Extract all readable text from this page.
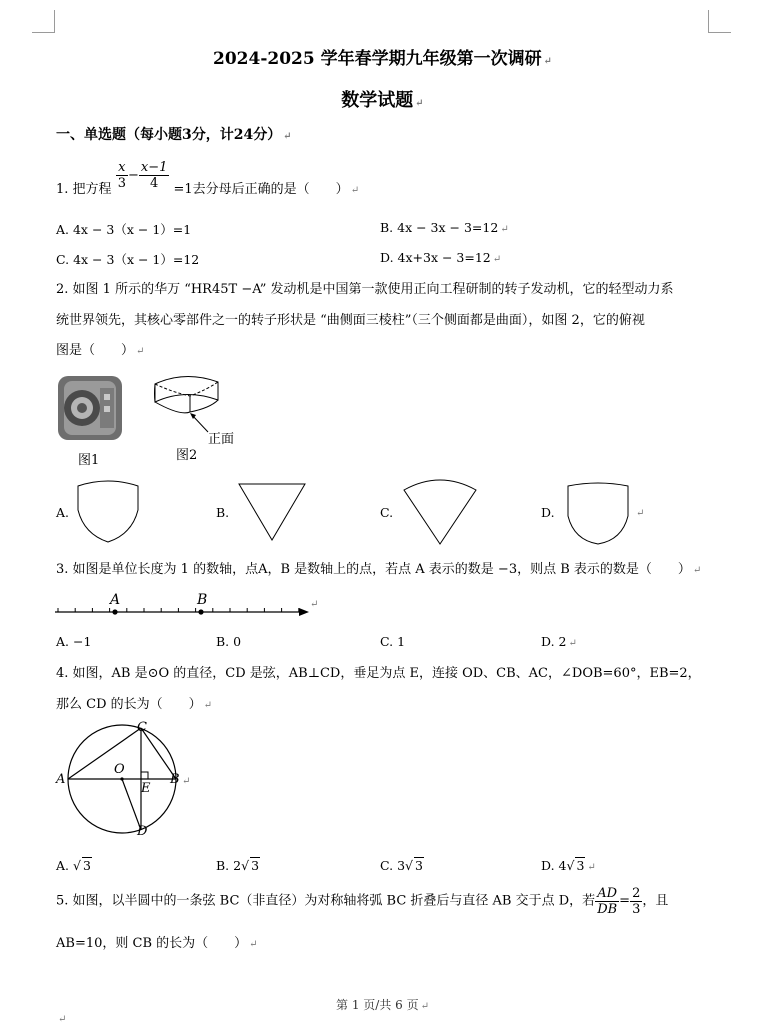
2024-2025 学年春学期九年级第一次调研 ↵
数学试题 ↵
一、单选题（每小题3分，计24分） ↵
1. 把方程 $\frac{x}{3} - \frac{x-1}{4} =1$去分母后正确的是（　　） $_↵$
A. 4x − 3（x − 1）=1	B. 4x − 3x − 3=12 ↵
C. 4x − 3（x − 1）=12	D. 4x+3x − 3=12 ↵
2. 如图 1 所示的华万 “HR45T −A” 发动机是中国第一款使用正向工程研制的转子发动机，它的轻型动力系
统世界领先，其核心零部件之一的转子形状是 “曲侧面三棱柱”（三个侧面都是曲面），如图 2，它的俯视
图是（　　） ↵
图1
正面
图2
A.	B.	C.	D.	↵
3. 如图是单位长度为 1 的数轴，点A，B 是数轴上的点，若点 A 表示的数是 −3，则点 B 表示的数是（　　） ↵
A	B	↵
A. −1	B. 0	C. 1	D. 2 ↵
4. 如图，AB 是⊙O 的直径，CD 是弦，AB⊥CD，垂足为点 E，连接 OD、CB、AC，∠DOB=60°，EB=2，
那么 CD 的长为（　　） ↵
C
A
O
B ↵
E
D
A. √ 3	B. 2√ 3	C. 3√ 3	D. 4√ 3 ↵
5. 如图，以半圆中的一条弦 BC（非直径）为对称轴将弧 BC 折叠后与直径 AB 交于点 D，若 $\frac{AD}{DB} = \frac{2}{3}$ ，且
AB=10，则 CB 的长为（　　） ↵
第 1 页/共 6 页 ↵
↵
